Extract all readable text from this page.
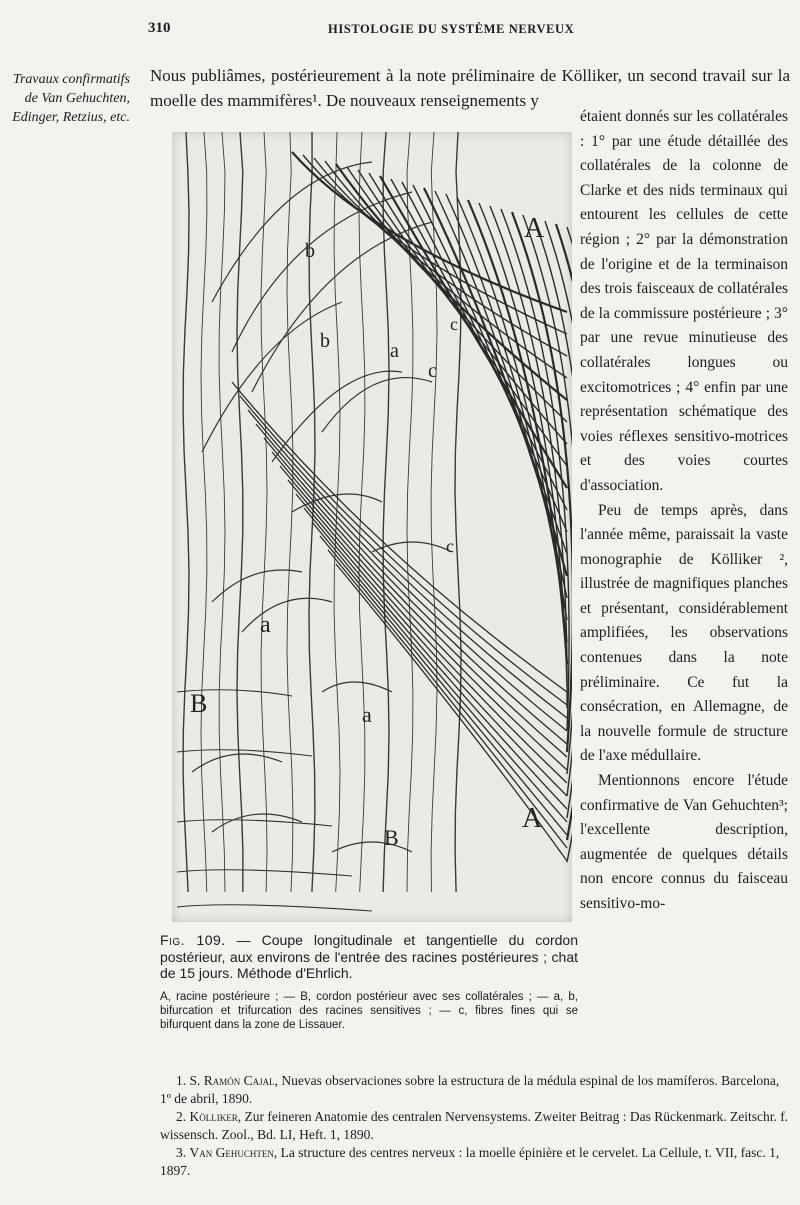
310	HISTOLOGIE DU SYSTÈME NERVEUX
Travaux confirmatifs de Van Gehuchten, Edinger, Retzius, etc.

Nous publiâmes, postérieurement à la note préliminaire de Kölliker, un second travail sur la moelle des mammifères¹. De nouveaux renseignements y

A
A
B
B
b
b	a
a
a
c
c
c

Fig. 109. — Coupe longitudinale et tangentielle du cordon postérieur, aux environs de l'entrée des racines postérieures ; chat de 15 jours. Méthode d'Ehrlich.

A, racine postérieure ; — B, cordon postérieur avec ses collatérales ; — a, b, bifurcation et trifurcation des racines sensitives ; — c, fibres fines qui se bifurquent dans la zone de Lissauer.

étaient donnés sur les collatérales : 1° par une étude détaillée des collatérales de la colonne de Clarke et des nids terminaux qui entourent les cellules de cette région ; 2° par la démonstration de l'origine et de la terminaison des trois faisceaux de collatérales de la commissure postérieure ; 3° par une revue minutieuse des collatérales longues ou excitomotrices ; 4° enfin par une représentation schématique des voies réflexes sensitivo-motrices et des voies courtes d'association.

Peu de temps après, dans l'année même, paraissait la vaste monographie de Kölliker ², illustrée de magnifiques planches et présentant, considérablement amplifiées, les observations contenues dans la note préliminaire. Ce fut la consécration, en Allemagne, de la nouvelle formule de structure de l'axe médullaire.

Mentionnons encore l'étude confirmative de Van Gehuchten³; l'excellente description, augmentée de quelques détails non encore connus du faisceau sensitivo-mo-

1. S. Ramón Cajal, Nuevas observaciones sobre la estructura de la médula espinal de los mamíferos. Barcelona, 1º de abril, 1890.

2. Kölliker, Zur feineren Anatomie des centralen Nervensystems. Zweiter Beitrag : Das Rückenmark. Zeitschr. f. wissensch. Zool., Bd. LI, Heft. 1, 1890.

3. Van Gehuchten, La structure des centres nerveux : la moelle épinière et le cervelet. La Cellule, t. VII, fasc. 1, 1897.
